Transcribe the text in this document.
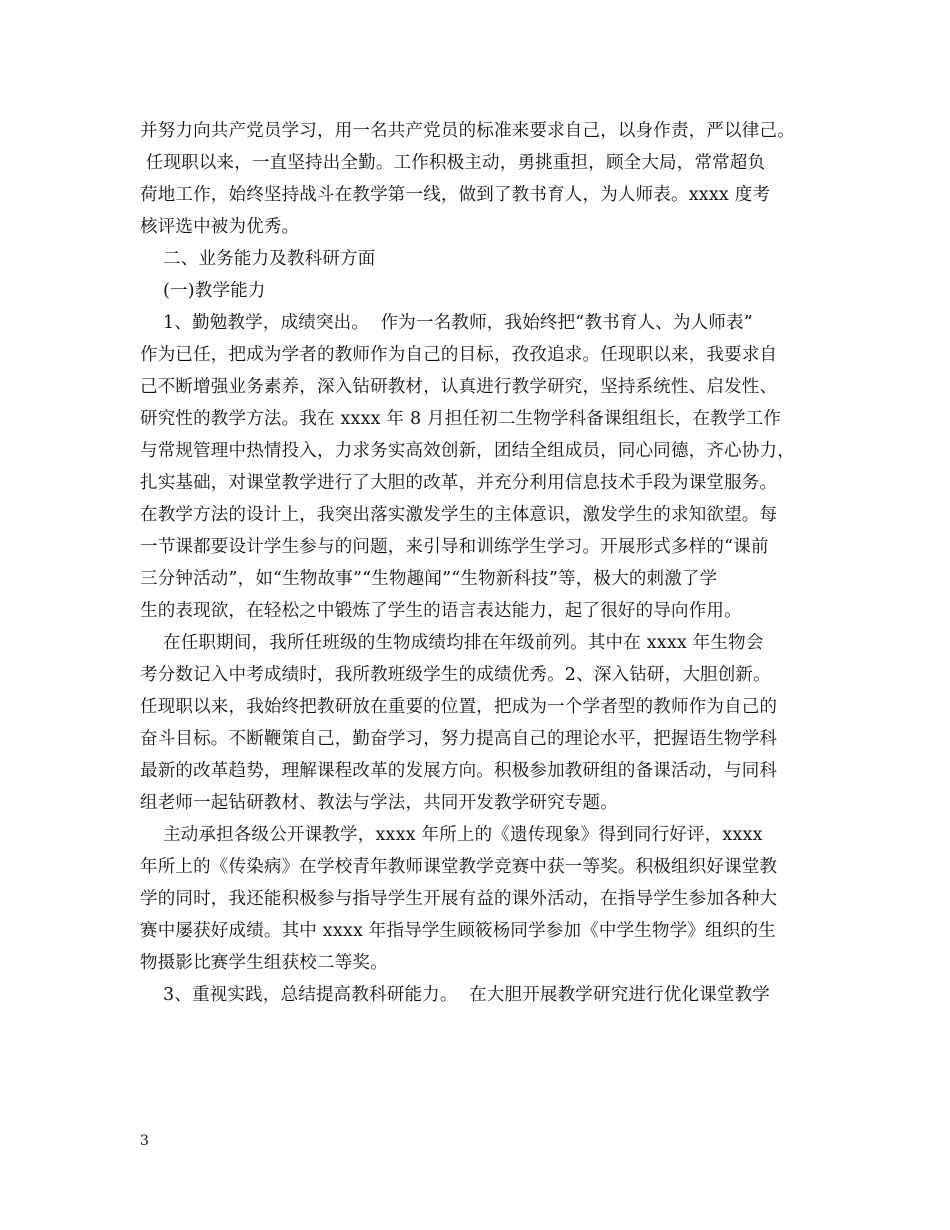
并努力向共产党员学习，用一名共产党员的标准来要求自己，以身作责，严以律己。
任现职以来，一直坚持出全勤。工作积极主动，勇挑重担，顾全大局，常常超负
荷地工作，始终坚持战斗在教学第一线，做到了教书育人，为人师表。xxxx 度考
核评选中被为优秀。
二、业务能力及教科研方面
(一)教学能力
1、勤勉教学，成绩突出。  作为一名教师，我始终把“教书育人、为人师表”
作为已任，把成为学者的教师作为自己的目标，孜孜追求。任现职以来，我要求自
己不断增强业务素养，深入钻研教材，认真进行教学研究，坚持系统性、启发性、
研究性的教学方法。我在 xxxx 年 8 月担任初二生物学科备课组组长，在教学工作
与常规管理中热情投入，力求务实高效创新，团结全组成员，同心同德，齐心协力，
扎实基础，对课堂教学进行了大胆的改革，并充分利用信息技术手段为课堂服务。
在教学方法的设计上，我突出落实激发学生的主体意识，激发学生的求知欲望。每
一节课都要设计学生参与的问题，来引导和训练学生学习。开展形式多样的“课前
三分钟活动”，如“生物故事”“生物趣闻”“生物新科技”等，极大的刺激了学
生的表现欲，在轻松之中锻炼了学生的语言表达能力，起了很好的导向作用。
在任职期间，我所任班级的生物成绩均排在年级前列。其中在 xxxx 年生物会
考分数记入中考成绩时，我所教班级学生的成绩优秀。2、深入钻研，大胆创新。
任现职以来，我始终把教研放在重要的位置，把成为一个学者型的教师作为自己的
奋斗目标。不断鞭策自己，勤奋学习，努力提高自己的理论水平，把握语生物学科
最新的改革趋势，理解课程改革的发展方向。积极参加教研组的备课活动，与同科
组老师一起钻研教材、教法与学法，共同开发教学研究专题。
主动承担各级公开课教学，xxxx 年所上的《遗传现象》得到同行好评，xxxx
年所上的《传染病》在学校青年教师课堂教学竞赛中获一等奖。积极组织好课堂教
学的同时，我还能积极参与指导学生开展有益的课外活动，在指导学生参加各种大
赛中屡获好成绩。其中 xxxx 年指导学生顾筱杨同学参加《中学生物学》组织的生
物摄影比赛学生组获校二等奖。
3、重视实践，总结提高教科研能力。  在大胆开展教学研究进行优化课堂教学
3
